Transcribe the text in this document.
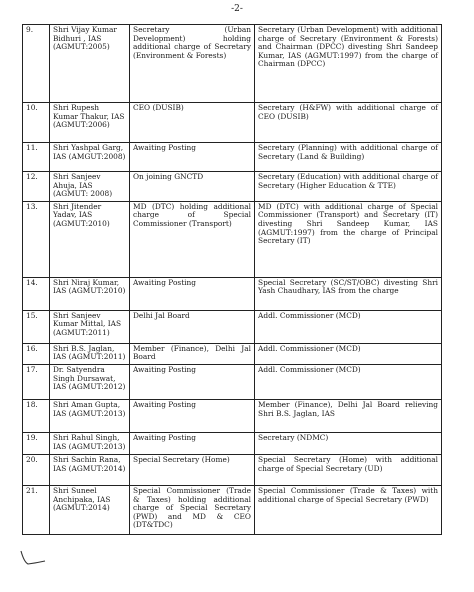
-2-
9.	Shri Vijay Kumar Bidhuri , IAS (AGMUT:2005)	Secretary (Urban Development) holding additional charge of Secretary (Environment & Forests)	Secretary (Urban Development) with additional charge of Secretary (Environment & Forests) and Chairman (DPCC) divesting Shri Sandeep Kumar, IAS (AGMUT:1997) from the charge of Chairman (DPCC)
10.	Shri Rupesh Kumar Thakur, IAS (AGMUT:2006)	CEO (DUSIB)	Secretary (H&FW) with additional charge of CEO (DUSIB)
11.	Shri Yashpal Garg, IAS (AMGUT:2008)	Awaiting Posting	Secretary (Planning) with additional charge of Secretary (Land & Building)
12.	Shri Sanjeev Ahuja, IAS (AGMUT: 2008)	On joining GNCTD	Secretary (Education) with additional charge of Secretary (Higher Education & TTE)
13.	Shri Jitender Yadav, IAS (AGMUT:2010)	MD (DTC) holding additional charge of Special Commissioner (Transport)	MD (DTC) with additional charge of Special Commissioner (Transport) and Secretary (IT) divesting Shri Sandeep Kumar, IAS (AGMUT:1997) from the charge of Principal Secretary (IT)
14.	Shri Niraj Kumar, IAS (AGMUT:2010)	Awaiting Posting	Special Secretary (SC/ST/OBC) divesting Shri Yash Chaudhary, IAS from the charge
15.	Shri Sanjeev Kumar Mittal, IAS (AGMUT:2011)	Delhi Jal Board	Addl. Commissioner (MCD)
16.	Shri B.S. Jaglan, IAS (AGMUT:2011)	Member (Finance), Delhi Jal Board	Addl. Commissioner (MCD)
17.	Dr. Satyendra Singh Dursawat, IAS (AGMUT:2012)	Awaiting Posting	Addl. Commissioner (MCD)
18.	Shri Aman Gupta, IAS (AGMUT:2013)	Awaiting Posting	Member (Finance), Delhi Jal Board relieving Shri B.S. Jaglan, IAS
19.	Shri Rahul Singh, IAS (AGMUT:2013)	Awaiting Posting	Secretary (NDMC)
20.	Shri Sachin Rana, IAS (AGMUT:2014)	Special Secretary (Home)	Special Secretary (Home) with additional charge of Special Secretary (UD)
21.	Shri Suneel Anchipaka, IAS (AGMUT:2014)	Special Commissioner (Trade & Taxes) holding additional charge of Special Secretary (PWD) and MD & CEO (DT&TDC)	Special Commissioner (Trade & Taxes) with additional charge of Special Secretary (PWD)
